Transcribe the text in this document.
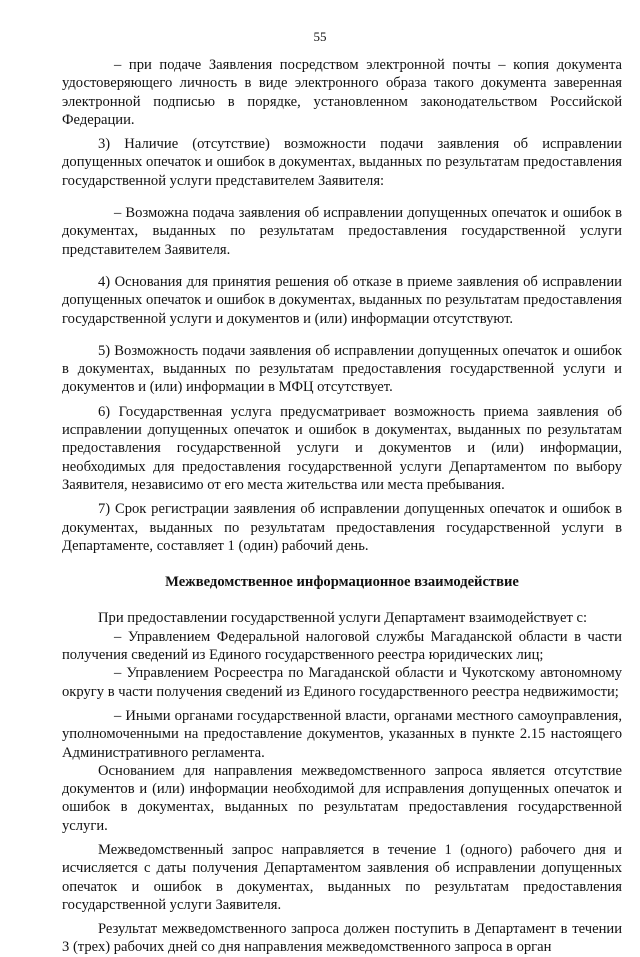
55

– при подаче Заявления посредством электронной почты – копия документа удостоверяющего личность в виде электронного образа такого документа заверенная электронной подписью в порядке, установленном законодательством Российской Федерации.

3) Наличие (отсутствие) возможности подачи заявления об исправлении допущенных опечаток и ошибок в документах, выданных по результатам предоставления государственной услуги представителем Заявителя:

– Возможна подача заявления об исправлении допущенных опечаток и ошибок в документах, выданных по результатам предоставления государственной услуги представителем Заявителя.

4) Основания для принятия решения об отказе в приеме заявления об исправлении допущенных опечаток и ошибок в документах, выданных по результатам предоставления государственной услуги и документов и (или) информации отсутствуют.

5) Возможность подачи заявления об исправлении допущенных опечаток и ошибок в документах, выданных по результатам предоставления государственной услуги и документов и (или) информации в МФЦ отсутствует.

6) Государственная услуга предусматривает возможность приема заявления об исправлении допущенных опечаток и ошибок в документах, выданных по результатам предоставления государственной услуги и документов и (или) информации, необходимых для предоставления государственной услуги Департаментом по выбору Заявителя, независимо от его места жительства или места пребывания.

7) Срок регистрации заявления об исправлении допущенных опечаток и ошибок в документах, выданных по результатам предоставления государственной услуги в Департаменте, составляет 1 (один) рабочий день.

Межведомственное информационное взаимодействие

При предоставлении государственной услуги Департамент взаимодействует с:

– Управлением Федеральной налоговой службы Магаданской области в части получения сведений из Единого государственного реестра юридических лиц;

– Управлением Росреестра по Магаданской области и Чукотскому автономному округу в части получения сведений из Единого государственного реестра недвижимости;

– Иными органами государственной власти, органами местного самоуправления, уполномоченными на предоставление документов, указанных в пункте 2.15 настоящего Административного регламента.

Основанием для направления межведомственного запроса является отсутствие документов и (или) информации необходимой для исправления допущенных опечаток и ошибок в документах, выданных по результатам предоставления государственной услуги.

Межведомственный запрос направляется в течение 1 (одного) рабочего дня и исчисляется с даты получения Департаментом заявления об исправлении допущенных опечаток и ошибок в документах, выданных по результатам предоставления государственной услуги Заявителя.

Результат межведомственного запроса должен поступить в Департамент в течении 3 (трех) рабочих дней со дня направления межведомственного запроса в орган
